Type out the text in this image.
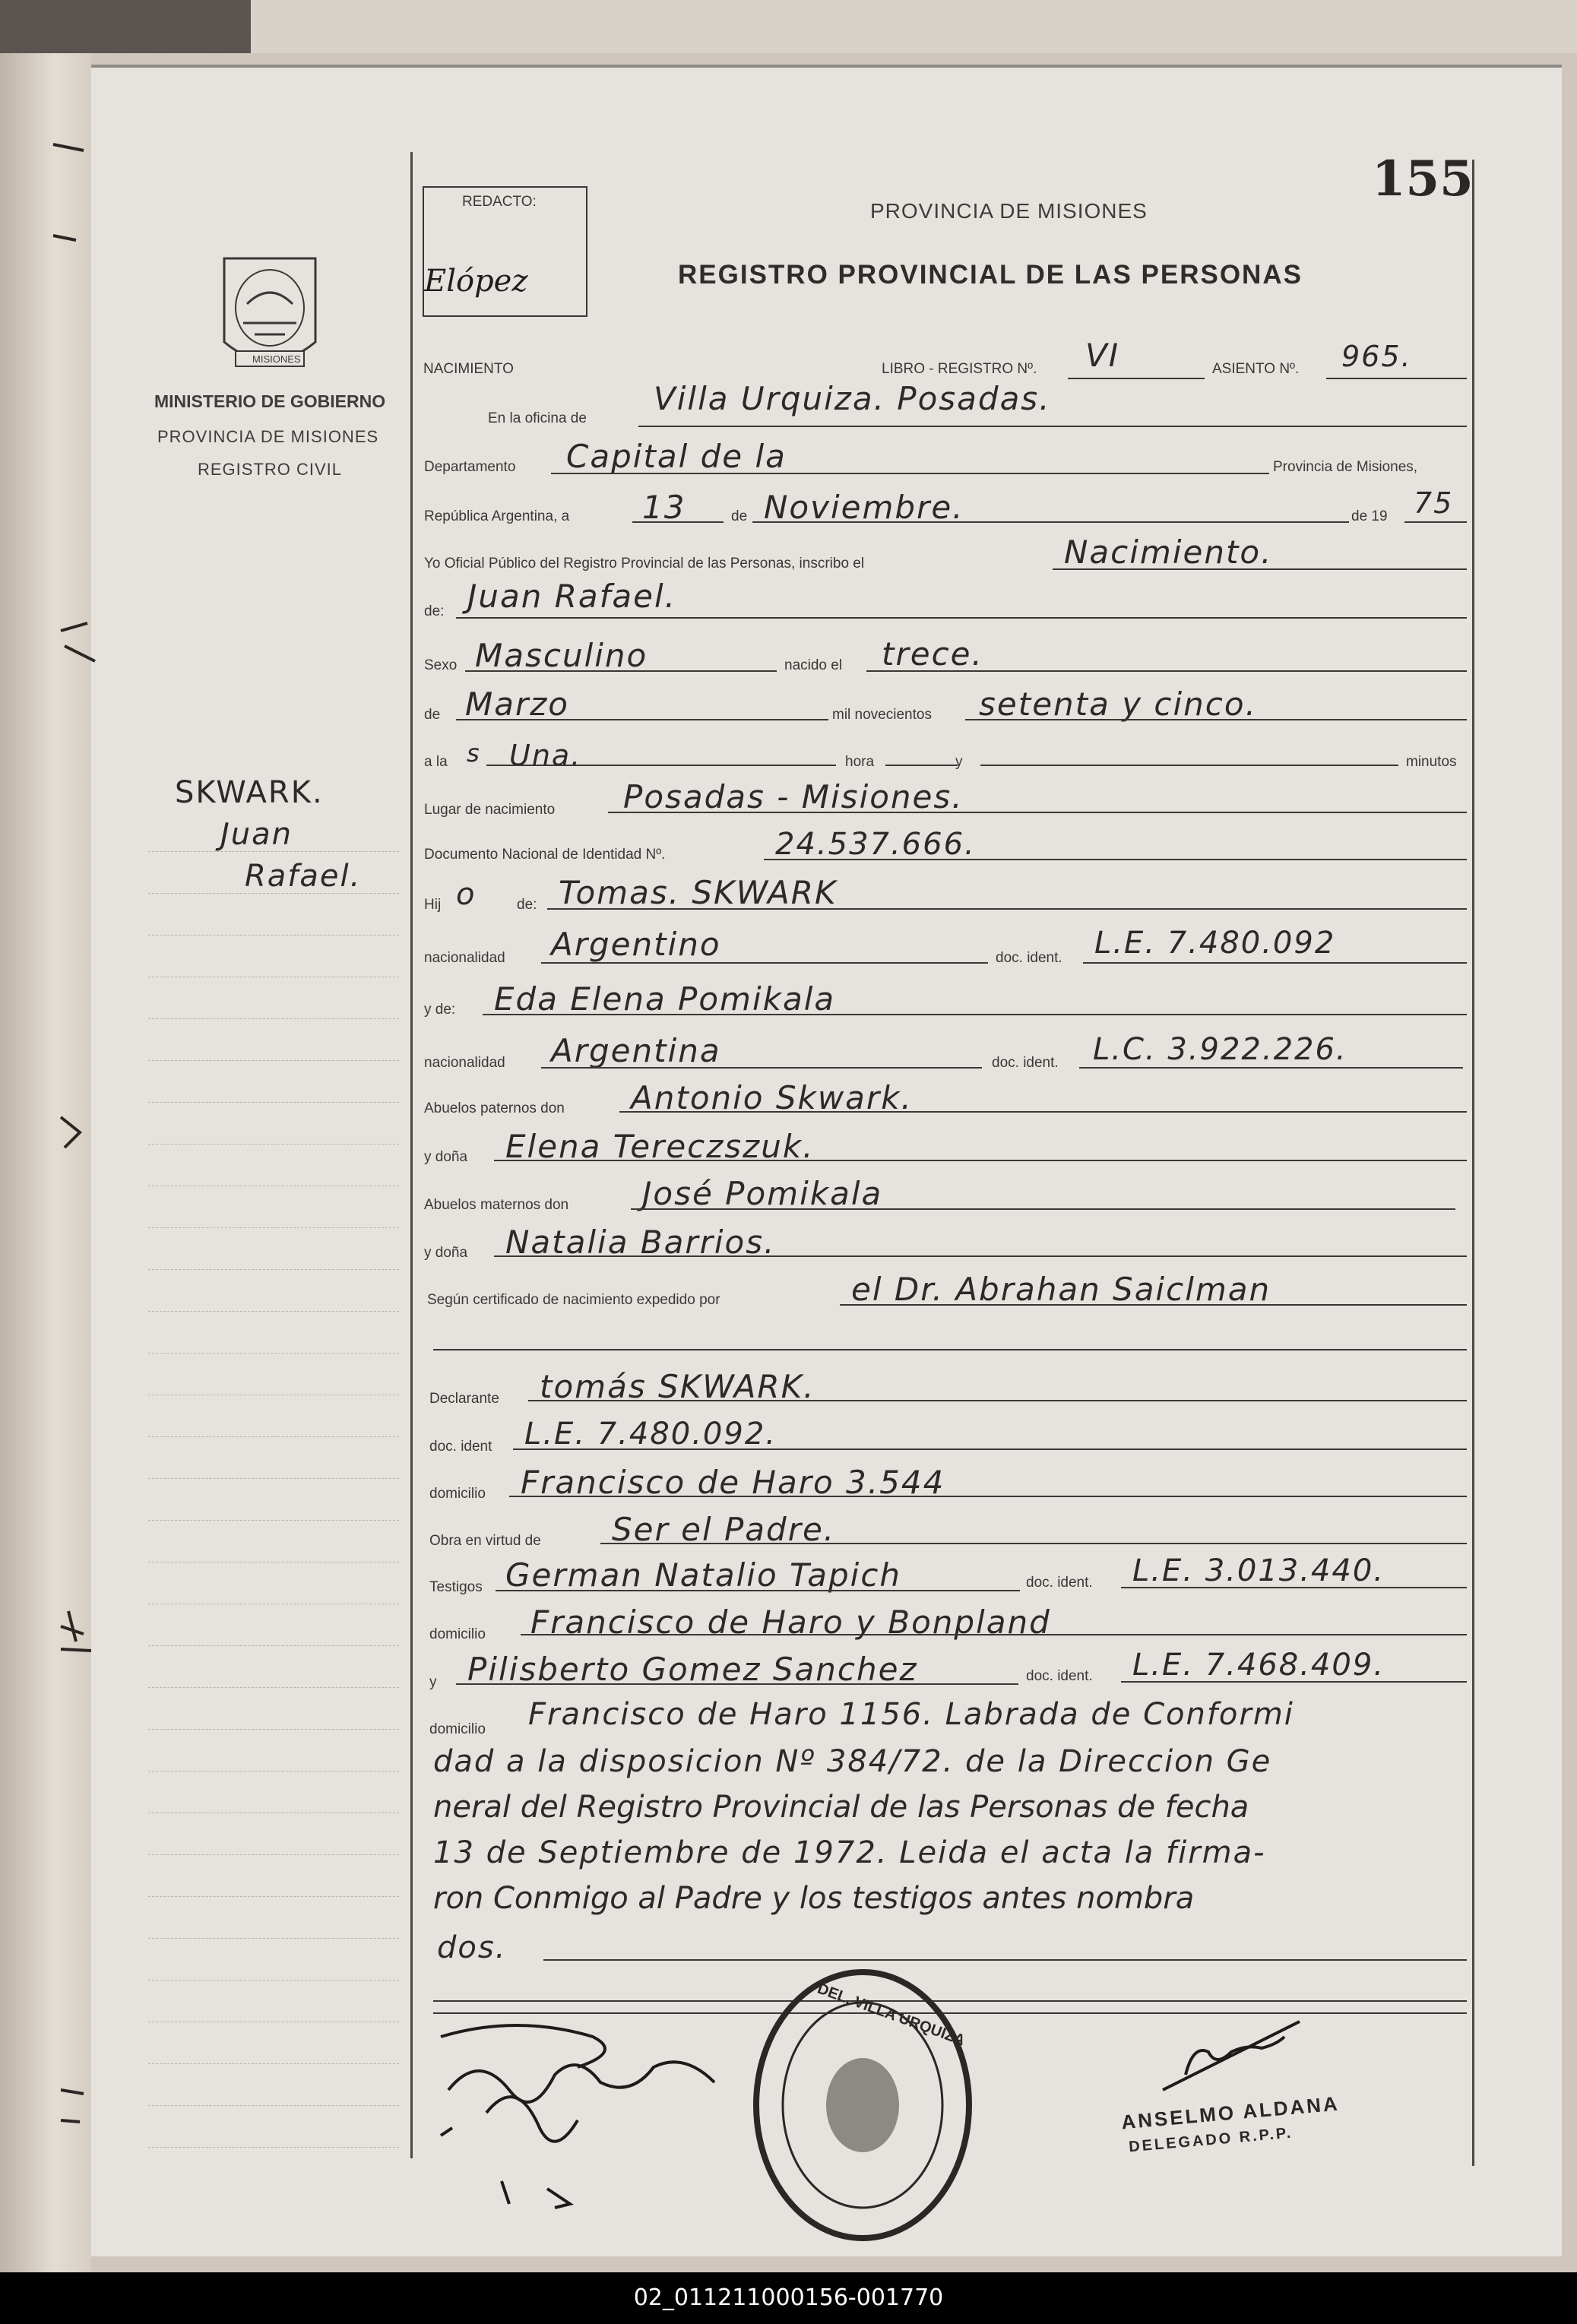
155
REDACTO:
Elópez
PROVINCIA DE MISIONES
REGISTRO PROVINCIAL DE LAS PERSONAS
MISIONES
MINISTERIO DE GOBIERNO
PROVINCIA DE MISIONES
REGISTRO CIVIL
SKWARK.
Juan
Rafael.
NACIMIENTO	LIBRO - REGISTRO Nº. VI	ASIENTO Nº. 965.
En la oficina de
Villa Urquiza. Posadas.
Departamento Capital de la	Provincia de Misiones,
República Argentina, a 13	de Noviembre.	de 19 75
Yo Oficial Público del Registro Provincial de las Personas, inscribo el	Nacimiento.
de: Juan Rafael.
Sexo Masculino	nacido el trece.
de Marzo	mil novecientos setenta y cinco.
a la s Una.	hora	y	minutos
Lugar de nacimiento Posadas - Misiones.
Documento Nacional de Identidad Nº.	24.537.666.
Hij o	de: Tomas. SKWARK
nacionalidad Argentino	doc. ident. L.E. 7.480.092
y de: Eda Elena Pomikala
nacionalidad Argentina	doc. ident. L.C. 3.922.226.
Abuelos paternos don Antonio Skwark.
y doña Elena Tereczszuk.
Abuelos maternos don José Pomikala
y doña Natalia Barrios.
Según certificado de nacimiento expedido por	el Dr. Abrahan Saiclman
Declarante tomás SKWARK.
doc. ident L.E. 7.480.092.
domicilio Francisco de Haro 3.544
Obra en virtud de Ser el Padre.
Testigos German Natalio Tapich	doc. ident. L.E. 3.013.440.
domicilio Francisco de Haro y Bonpland
y Pilisberto Gomez Sanchez	doc. ident. L.E. 7.468.409.
domicilio Francisco de Haro 1156. Labrada de Conformi
dad a la disposicion Nº 384/72. de la Direccion Ge
neral del Registro Provincial de las Personas de fecha
13 de Septiembre de 1972. Leida el acta la firma-
ron Conmigo al Padre y los testigos antes nombra
dos.
DEL. VILLA URQUIZA
ANSELMO ALDANA
DELEGADO R.P.P.
02_011211000156-001770
